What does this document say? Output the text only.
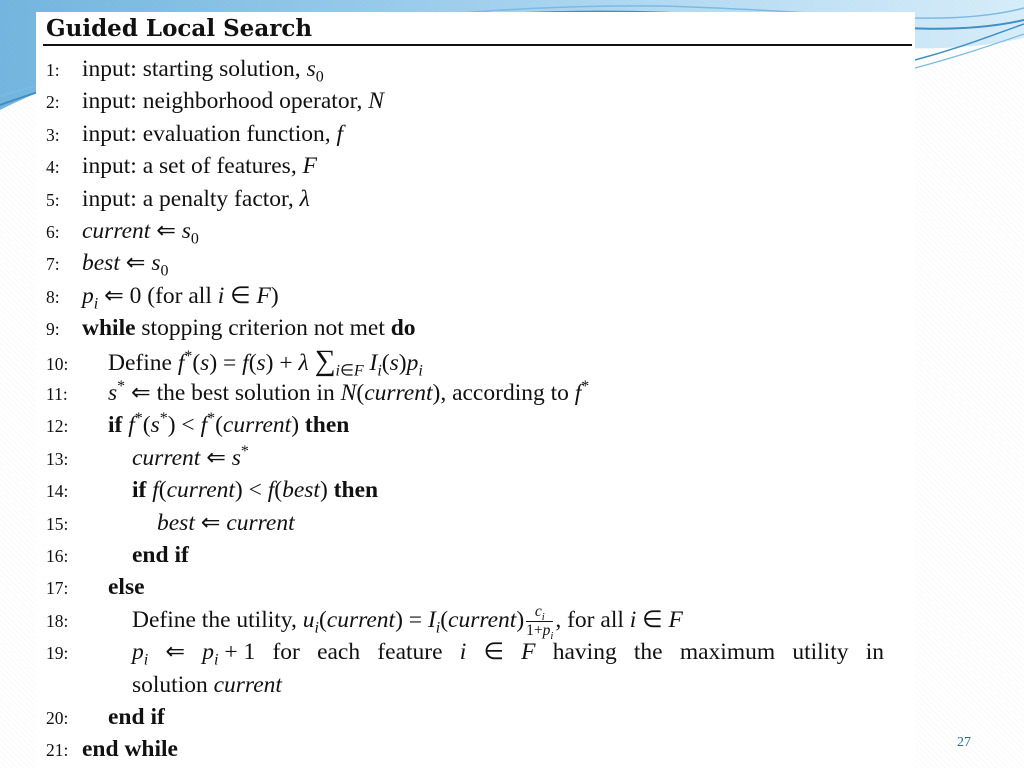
Guided Local Search
1: input: starting solution, $s_0$
2: input: neighborhood operator, N
3: input: evaluation function, f
4: input: a set of features, F
5: input: a penalty factor, λ
6: current ⇐ $s_0$
7: best ⇐ $s_0$
8: $p_i$ ⇐ 0 (for all i ∈ F)
9: while stopping criterion not met do
10: Define f*(s) = f(s) + λ $\sum_{i\in F}$ $I_i(s)p_i$
11: s* ⇐ the best solution in N(current), according to f*
12: if f*(s*) < f*(current) then
13:	current ⇐ s*
14:	if f(current) < f(best) then
15:	best ⇐ current
16:	end if
17: else
18:	Define the utility, $u_i(current)$ = $I_i(current) \frac{c_i}{1+p_i}$ , for all i ∈ F
19:	$p_i$ ⇐ $p_i + 1$ for each feature i ∈ F having the maximum utility in
solution current
20: end if
21: end while	27
